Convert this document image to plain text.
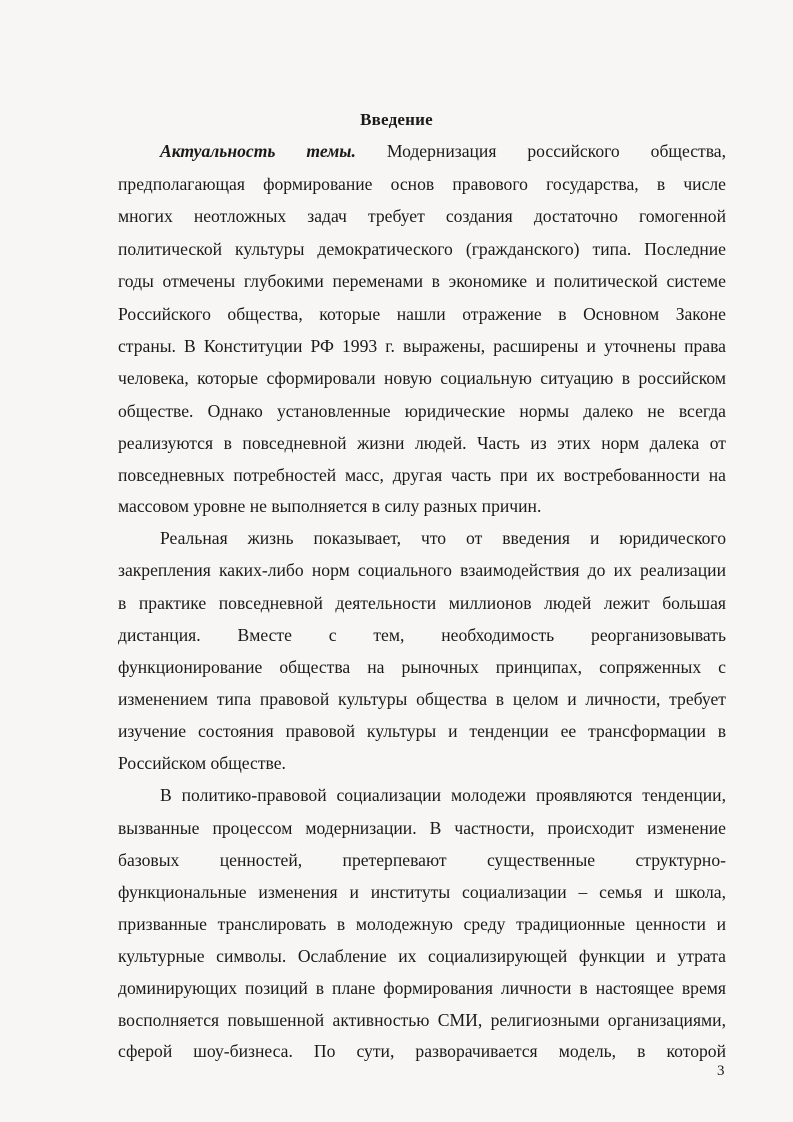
Введение
Актуальность темы. Модернизация российского общества,
предполагающая формирование основ правового государства, в числе
многих неотложных задач требует создания достаточно гомогенной
политической культуры демократического (гражданского) типа. Последние
годы отмечены глубокими переменами в экономике и политической системе
Российского общества, которые нашли отражение в Основном Законе
страны. В Конституции РФ 1993 г. выражены, расширены и уточнены права
человека, которые сформировали новую социальную ситуацию в российском
обществе. Однако установленные юридические нормы далеко не всегда
реализуются в повседневной жизни людей. Часть из этих норм далека от
повседневных потребностей масс, другая часть при их востребованности на
массовом уровне не выполняется в силу разных причин.
Реальная жизнь показывает, что от введения и юридического
закрепления каких-либо норм социального взаимодействия до их реализации
в практике повседневной деятельности миллионов людей лежит большая
дистанция. Вместе с тем, необходимость реорганизовывать
функционирование общества на рыночных принципах, сопряженных с
изменением типа правовой культуры общества в целом и личности, требует
изучение состояния правовой культуры и тенденции ее трансформации в
Российском обществе.
В политико-правовой социализации молодежи проявляются тенденции,
вызванные процессом модернизации. В частности, происходит изменение
базовых ценностей, претерпевают существенные структурно-
функциональные изменения и институты социализации – семья и школа,
призванные транслировать в молодежную среду традиционные ценности и
культурные символы. Ослабление их социализирующей функции и утрата
доминирующих позиций в плане формирования личности в настоящее время
восполняется повышенной активностью СМИ, религиозными организациями,
сферой шоу-бизнеса. По сути, разворачивается модель, в которой
3
